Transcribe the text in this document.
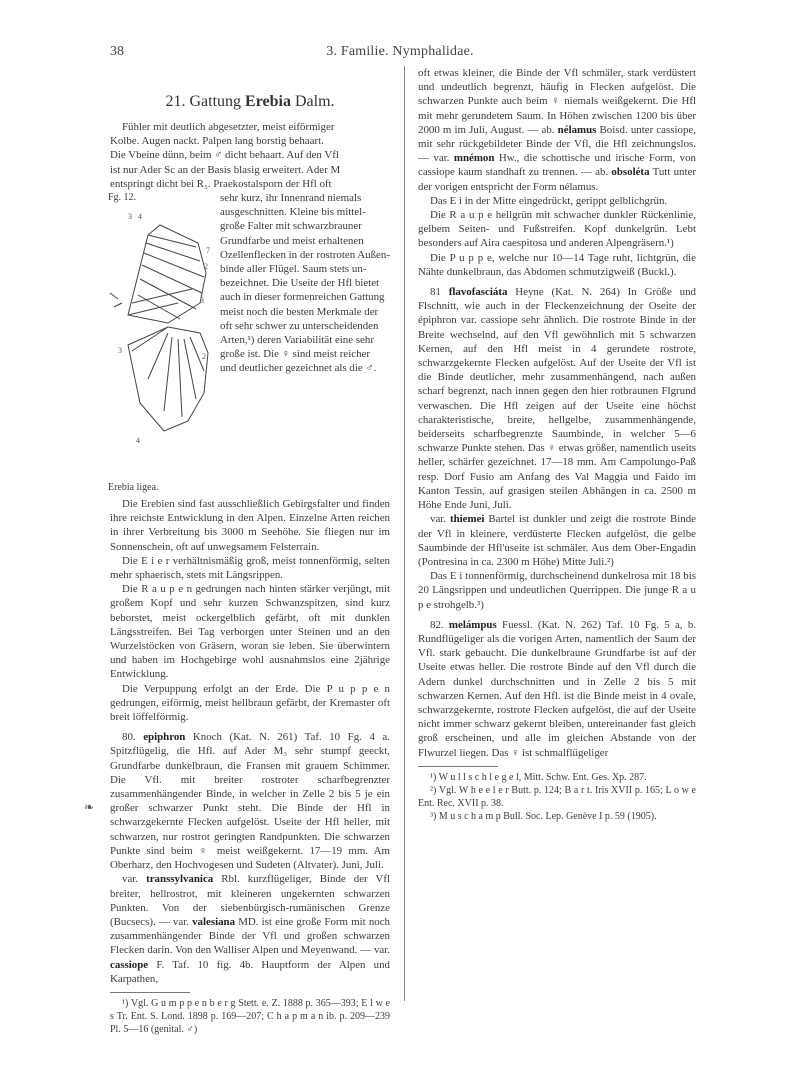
38	3. Familie. Nymphalidae.

21. Gattung Erebia Dalm.

Fühler mit deutlich abgesetzter, meist eiförmiger

Kolbe. Augen nackt. Palpen lang borstig behaart.

Die Vbeine dünn, beim ♂ dicht behaart. Auf den Vfl

ist nur Ader Sc an der Basis blasig erweitert. Ader M

entspringt dicht bei R₅. Praekostalsporn der Hfl oft

Fg. 12.
3 4
7
2
3
3
2
4
Erebia ligea.

sehr kurz, ihr Innenrand niemals

ausgeschnitten. Kleine bis mittel-

große Falter mit schwarzbrauner

Grundfarbe und meist erhaltenen

Ozellenflecken in der rostroten Außen-

binde aller Flügel. Saum stets un-

bezeichnet. Die Useite der Hfl bietet

auch in dieser formenreichen Gattung

meist noch die besten Merkmale der

oft sehr schwer zu unterscheidenden

Arten,¹) deren Variabilität eine sehr

große ist. Die ♀ sind meist reicher

und deutlicher gezeichnet als die ♂.

Die Erebien sind fast ausschließlich Gebirgsfalter und finden ihre reichste Entwicklung in den Alpen. Einzelne Arten reichen in ihrer Verbreitung bis 3000 m Seehöhe. Sie fliegen nur im Sonnenschein, oft auf unwegsamem Felsterrain.

Die E i e r verhältnismäßig groß, meist tonnenförmig, selten mehr sphaerisch, stets mit Längsrippen.

Die R a u p e n gedrungen nach hinten stärker verjüngt, mit großem Kopf und sehr kurzen Schwanzspitzen, sind kurz beborstet, meist ockergelblich gefärbt, oft mit dunklen Längsstreifen. Bei Tag verborgen unter Steinen und an den Wurzelstöcken von Gräsern, woran sie leben. Sie überwintern und haben im Hochgebirge wohl ausnahmslos eine 2jährige Entwicklung.

Die Verpuppung erfolgt an der Erde. Die P u p p e n gedrungen, eiförmig, meist hellbraun gefärbt, der Kremaster oft breit löffelförmig.

80. epiphron Knoch (Kat. N. 261) Taf. 10 Fg. 4 a. Spitzflügelig, die Hfl. auf Ader M₃ sehr stumpf geeckt, Grundfarbe dunkelbraun, die Fransen mit grauem Schimmer. Die Vfl. mit breiter rostroter scharfbegrenzter zusammenhängender Binde, in welcher in Zelle 2 bis 5 je ein großer schwarzer Punkt steht. Die Binde der Hfl in schwarzgekernte Flecken aufgelöst. Useite der Hfl heller, mit schwarzen, nur rostrot geringten Randpunkten. Die schwarzen Punkte sind beim ♀ meist weißgekernt. 17—19 mm. Am Oberharz, den Hochvogesen und Sudeten (Altvater). Juni, Juli.

var. transsylvanica Rbl. kurzflügeliger, Binde der Vfl breiter, hellrostrot, mit kleineren ungekernten schwarzen Punkten. Von der siebenbürgisch-rumänischen Grenze (Bucsecs). — var. valesiana MD. ist eine große Form mit noch zusammenhängender Binde der Vfl und großen schwarzen Flecken darin. Von den Walliser Alpen und Meyenwand. — var. cassiope F. Taf. 10 fig. 4b. Hauptform der Alpen und Karpathen,

¹) Vgl. G u m p p e n b e r g Stett. e. Z. 1888 p. 365—393; E l w e s Tr. Ent. S. Lond. 1898 p. 169—207; C h a p m a n ib. p. 209—239 Pl. 5—16 (genital. ♂)

❧

oft etwas kleiner, die Binde der Vfl schmäler, stark verdüstert und undeutlich begrenzt, häufig in Flecken aufgelöst. Die schwarzen Punkte auch beim ♀ niemals weißgekernt. Die Hfl mit mehr gerundetem Saum. In Höhen zwischen 1200 bis über 2000 m im Juli, August. — ab. nélamus Boisd. unter cassiope, mit sehr rückgebildeter Binde der Vfl, die Hfl zeichnungslos. — var. mnémon Hw., die schottische und irische Form, von cassiope kaum standhaft zu trennen. — ab. obsoléta Tutt unter der vorigen entspricht der Form nélamus.

Das E i in der Mitte eingedrückt, gerippt gelblichgrün.

Die R a u p e hellgrün mit schwacher dunkler Rückenlinie, gelbem Seiten- und Fußstreifen. Kopf dunkelgrün. Lebt besonders auf Aira caespitosa und anderen Alpengräsern.¹)

Die P u p p e, welche nur 10—14 Tage ruht, lichtgrün, die Nähte dunkelbraun, das Abdomen schmutzigweiß (Buckl.).

81 flavofasciáta Heyne (Kat. N. 264) In Größe und Flschnitt, wie auch in der Fleckenzeichnung der Oseite der épiphron var. cassiope sehr ähnlich. Die rostrote Binde in der Breite wechselnd, auf den Vfl gewöhnlich mit 5 schwarzen Kernen, auf den Hfl meist in 4 gerundete rostrote, schwarzgekernte Flecken aufgelöst. Auf der Useite der Vfl ist die Binde deutlicher, mehr zusammenhängend, nach außen scharf begrenzt, nach innen gegen den hier rotbraunen Flgrund verwaschen. Die Hfl zeigen auf der Useite eine höchst charakteristische, breite, hellgelbe, zusammenhängende, beiderseits scharfbegrenzte Saumbinde, in welcher 5—6 schwarze Punkte stehen. Das ♀ etwas größer, namentlich useits heller, schärfer gezeichnet. 17—18 mm. Am Campolungo-Paß resp. Dorf Fusio am Anfang des Val Maggia und Faido im Kanton Tessin, auf grasigen steilen Abhängen in ca. 2500 m Höhe Ende Juni, Juli.

var. thiemei Bartel ist dunkler und zeigt die rostrote Binde der Vfl in kleinere, verdüsterte Flecken aufgelöst, die gelbe Saumbinde der Hfl'useite ist schmäler. Aus dem Ober-Engadin (Pontresina in ca. 2300 m Höhe) Mitte Juli.²)

Das E i tonnenförmig, durchscheinend dunkelrosa mit 18 bis 20 Längsrippen und undeutlichen Querrippen. Die junge R a u p e strohgelb.³)

82. melámpus Fuessl. (Kat. N. 262) Taf. 10 Fg. 5 a, b. Rundflügeliger als die vorigen Arten, namentlich der Saum der Vfl. stark gebaucht. Die dunkelbraune Grundfarbe ist auf der Useite etwas heller. Die rostrote Binde auf den Vfl durch die Adern dunkel durchschnitten und in Zelle 2 bis 5 mit schwarzen Kernen. Auf den Hfl. ist die Binde meist in 4 ovale, schwarzgekernte, rostrote Flecken aufgelöst, die auf der Useite nicht immer schwarz gekernt bleiben, untereinander fast gleich groß erscheinen, und alle im gleichen Abstande von der Flwurzel liegen. Das ♀ ist schmalflügeliger

¹) W u l l s c h l e g e l, Mitt. Schw. Ent. Ges. Xp. 287.

²) Vgl. W h e e l e r Butt. p. 124; B a r t. Iris XVII p. 165; L o w e Ent. Rec. XVII p. 38.

³) M u s c h a m p Bull. Soc. Lep. Genève I p. 59 (1905).
